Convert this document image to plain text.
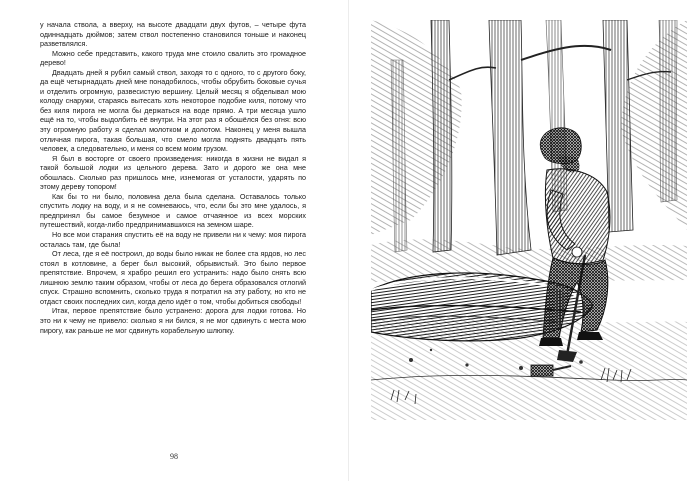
у начала ствола, а вверху, на высоте двадцати двух футов, – четыре фута одиннадцать дюймов; затем ствол постепенно становился тоньше и наконец разветвлялся.

Можно себе представить, какого труда мне стоило свалить это громадное дерево!

Двадцать дней я рубил самый ствол, заходя то с одного, то с другого боку, да ещё четырнадцать дней мне понадобилось, чтобы обрубить боковые сучья и отделить огромную, развесистую вершину. Целый месяц я обделывал мою колоду снаружи, стараясь вытесать хоть некоторое подобие киля, потому что без киля пирога не могла бы держаться на воде прямо. А три месяца ушло ещё на то, чтобы выдолбить её внутри. На этот раз я обошёлся без огня: всю эту огромную работу я сделал молотком и долотом. Наконец у меня вышла отличная пирога, такая большая, что смело могла поднять двадцать пять человек, а следовательно, и меня со всем моим грузом.

Я был в восторге от своего произведения: никогда в жизни не видал я такой большой лодки из цельного дерева. Зато и дорого же она мне обошлась. Сколько раз пришлось мне, изнемогая от усталости, ударять по этому дереву топором!

Как бы то ни было, половина дела была сделана. Оставалось только спустить лодку на воду, и я не сомневаюсь, что, если бы это мне удалось, я предпринял бы самое безумное и самое отчаянное из всех морских путешествий, когда-либо предпринимавшихся на земном шаре.

Но все мои старания спустить её на воду не привели ни к чему: моя пирога осталась там, где была!

От леса, где я её построил, до воды было никак не более ста ярдов, но лес стоял в котловине, а берег был высокий, обрывистый. Это было первое препятствие. Впрочем, я храбро решил его устранить: надо было снять всю лишнюю землю таким образом, чтобы от леса до берега образовался отлогий спуск. Страшно вспомнить, сколько труда я потратил на эту работу, но кто не отдаст своих последних сил, когда дело идёт о том, чтобы добиться свободы!

Итак, первое препятствие было устранено: дорога для лодки готова. Но это ни к чему не привело: сколько я ни бился, я не мог сдвинуть с места мою пирогу, как раньше не мог сдвинуть корабельную шлюпку.

98
